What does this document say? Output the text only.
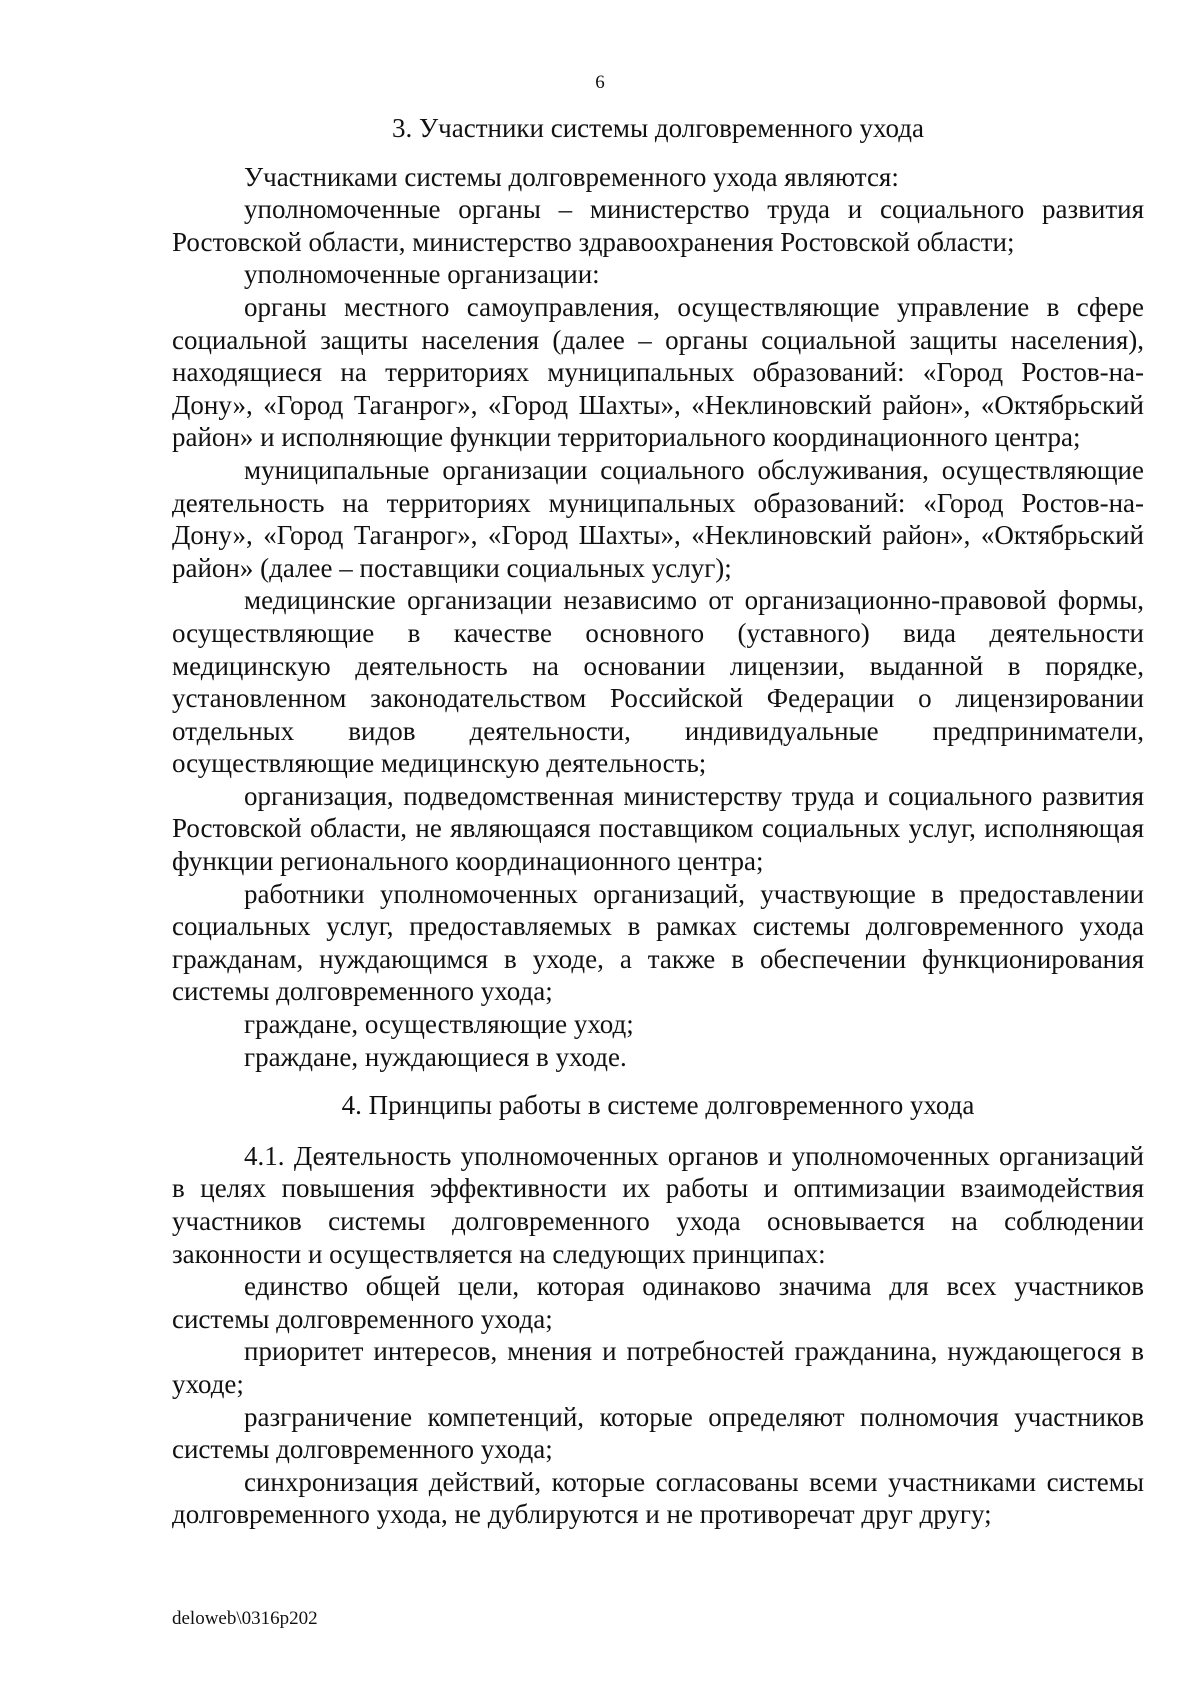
6
3. Участники системы долговременного ухода

Участниками системы долговременного ухода являются:

уполномоченные органы – министерство труда и социального развития Ростовской области, министерство здравоохранения Ростовской области;

уполномоченные организации:

органы местного самоуправления, осуществляющие управление в сфере социальной защиты населения (далее – органы социальной защиты населения), находящиеся на территориях муниципальных образований: «Город Ростов-на-Дону», «Город Таганрог», «Город Шахты», «Неклиновский район», «Октябрьский район» и исполняющие функции территориального координационного центра;

муниципальные организации социального обслуживания, осуществляющие деятельность на территориях муниципальных образований: «Город Ростов-на-Дону», «Город Таганрог», «Город Шахты», «Неклиновский район», «Октябрьский район» (далее – поставщики социальных услуг);

медицинские организации независимо от организационно-правовой формы, осуществляющие в качестве основного (уставного) вида деятельности медицинскую деятельность на основании лицензии, выданной в порядке, установленном законодательством Российской Федерации о лицензировании отдельных видов деятельности, индивидуальные предприниматели, осуществляющие медицинскую деятельность;

организация, подведомственная министерству труда и социального развития Ростовской области, не являющаяся поставщиком социальных услуг, исполняющая функции регионального координационного центра;

работники уполномоченных организаций, участвующие в предоставлении социальных услуг, предоставляемых в рамках системы долговременного ухода гражданам, нуждающимся в уходе, а также в обеспечении функционирования системы долговременного ухода;

граждане, осуществляющие уход;

граждане, нуждающиеся в уходе.

4. Принципы работы в системе долговременного ухода

4.1. Деятельность уполномоченных органов и уполномоченных организаций в целях повышения эффективности их работы и оптимизации взаимодействия участников системы долговременного ухода основывается на соблюдении законности и осуществляется на следующих принципах:

единство общей цели, которая одинаково значима для всех участников системы долговременного ухода;

приоритет интересов, мнения и потребностей гражданина, нуждающегося в уходе;

разграничение компетенций, которые определяют полномочия участников системы долговременного ухода;

синхронизация действий, которые согласованы всеми участниками системы долговременного ухода, не дублируются и не противоречат друг другу;

deloweb\0316p202
